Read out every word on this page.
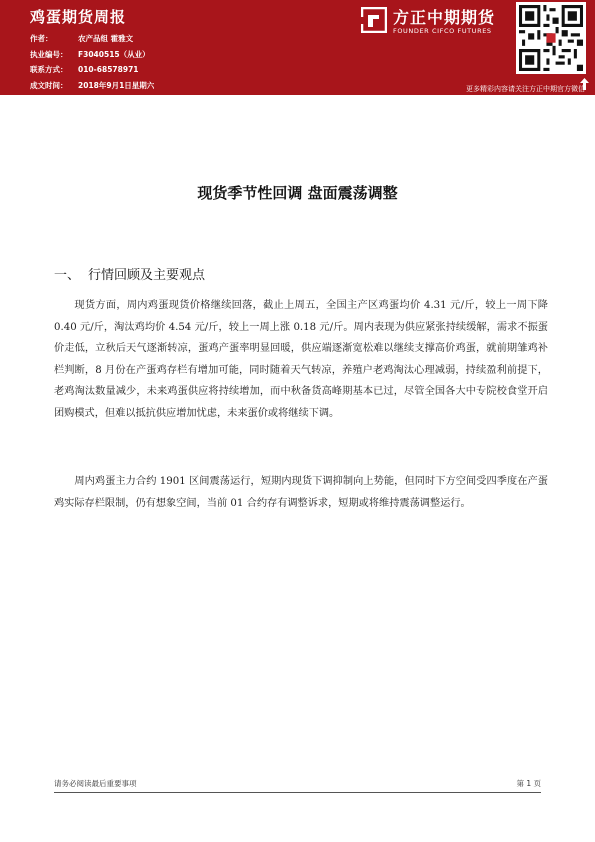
鸡蛋期货周报
作者：	农产品组 霍雅文
执业编号： F3040515（从业）
联系方式： 010-68578971
成文时间： 2018年9月1日星期六
方正中期期货
FOUNDER CIFCO FUTURES
更多精彩内容请关注方正中期官方微信
现货季节性回调 盘面震荡调整
一、 行情回顾及主要观点

现货方面，周内鸡蛋现货价格继续回落，截止上周五，全国主产区鸡蛋均价 4.31 元/斤，较上一周下降 0.40 元/斤，淘汰鸡均价 4.54 元/斤，较上一周上涨 0.18 元/斤。周内表现为供应紧张持续缓解，需求不振蛋价走低，立秋后天气逐渐转凉，蛋鸡产蛋率明显回暖，供应端逐渐宽松难以继续支撑高价鸡蛋，就前期雏鸡补栏判断，8 月份在产蛋鸡存栏有增加可能，同时随着天气转凉，养殖户老鸡淘汰心理减弱，持续盈利前提下，老鸡淘汰数量减少，未来鸡蛋供应将持续增加，而中秋备货高峰期基本已过，尽管全国各大中专院校食堂开启团购模式，但难以抵抗供应增加忧虑，未来蛋价或将继续下调。

周内鸡蛋主力合约 1901 区间震荡运行，短期内现货下调抑制向上势能，但同时下方空间受四季度在产蛋鸡实际存栏限制，仍有想象空间，当前 01 合约存有调整诉求，短期或将维持震荡调整运行。

请务必阅读最后重要事项	第 1 页
